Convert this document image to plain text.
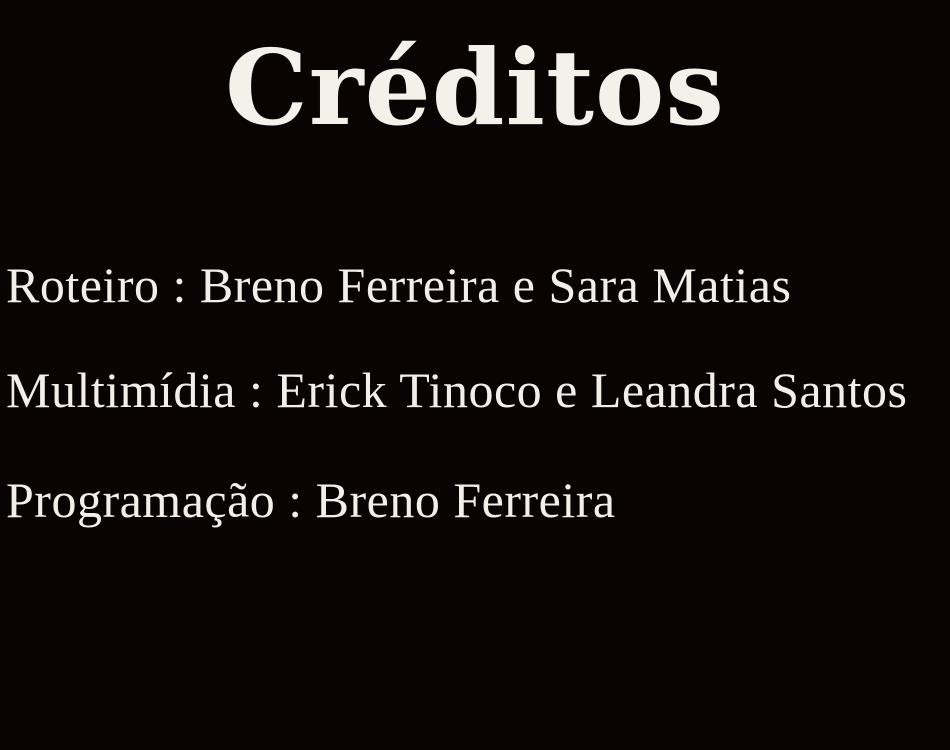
Créditos
Roteiro : Breno Ferreira e Sara Matias
Multimídia : Erick Tinoco e Leandra Santos
Programação : Breno Ferreira
